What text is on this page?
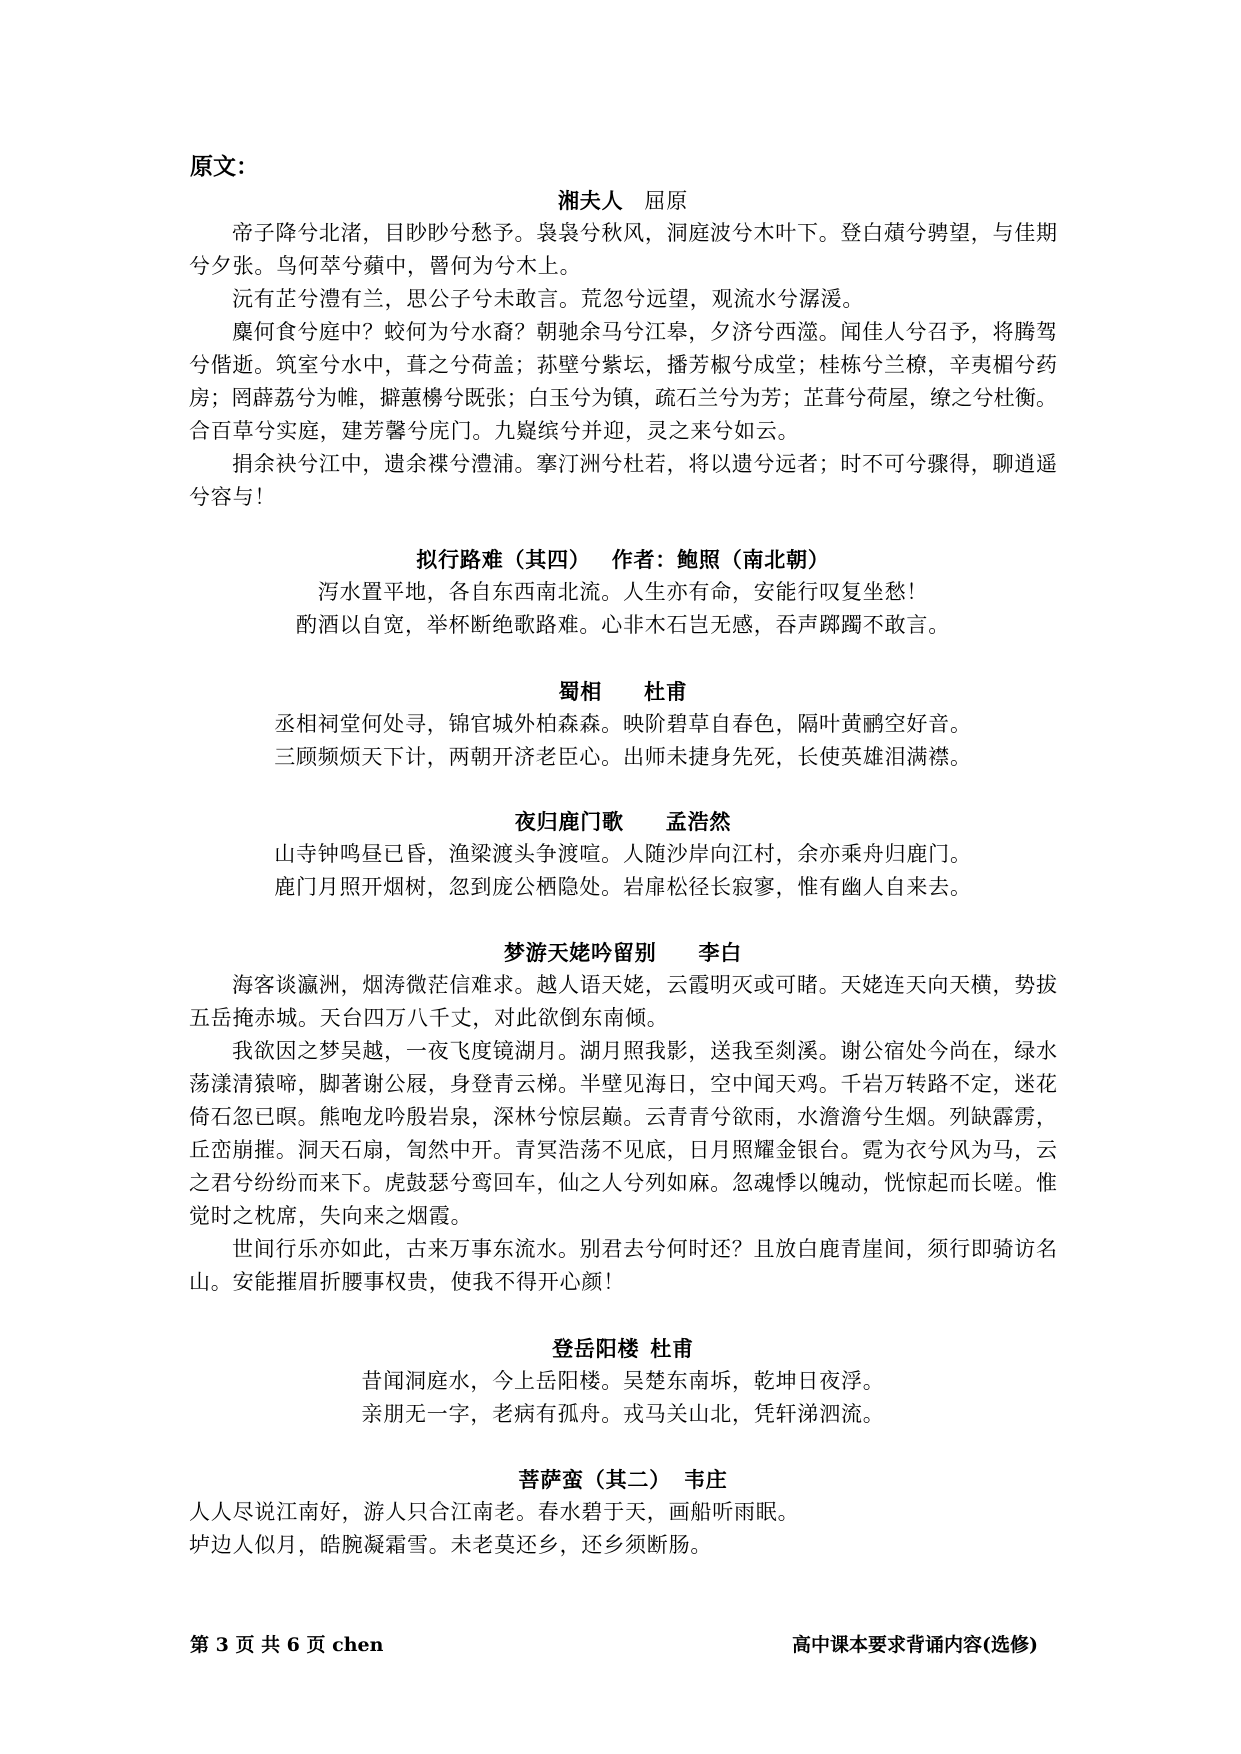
原文：
湘夫人 屈原
帝子降兮北渚，目眇眇兮愁予。袅袅兮秋风，洞庭波兮木叶下。登白薠兮骋望，与佳期
兮夕张。鸟何萃兮蘋中，罾何为兮木上。
沅有芷兮澧有兰，思公子兮未敢言。荒忽兮远望，观流水兮潺湲。
麋何食兮庭中？蛟何为兮水裔？朝驰余马兮江皋，夕济兮西澨。闻佳人兮召予，将腾驾
兮偕逝。筑室兮水中，葺之兮荷盖；荪壁兮紫坛，播芳椒兮成堂；桂栋兮兰橑，辛夷楣兮药
房；罔薜荔兮为帷，擗蕙櫋兮既张；白玉兮为镇，疏石兰兮为芳；芷葺兮荷屋，缭之兮杜衡。
合百草兮实庭，建芳馨兮庑门。九嶷缤兮并迎，灵之来兮如云。
捐余袂兮江中，遗余褋兮澧浦。搴汀洲兮杜若，将以遗兮远者；时不可兮骤得，聊逍遥
兮容与！
拟行路难（其四） 作者：鲍照（南北朝）
泻水置平地，各自东西南北流。人生亦有命，安能行叹复坐愁！
酌酒以自宽，举杯断绝歌路难。心非木石岂无感，吞声踯躅不敢言。
蜀相 杜甫
丞相祠堂何处寻，锦官城外柏森森。映阶碧草自春色，隔叶黄鹂空好音。
三顾频烦天下计，两朝开济老臣心。出师未捷身先死，长使英雄泪满襟。
夜归鹿门歌 孟浩然
山寺钟鸣昼已昏，渔梁渡头争渡喧。人随沙岸向江村，余亦乘舟归鹿门。
鹿门月照开烟树，忽到庞公栖隐处。岩扉松径长寂寥，惟有幽人自来去。
梦游天姥吟留别 李白
海客谈瀛洲，烟涛微茫信难求。越人语天姥，云霞明灭或可睹。天姥连天向天横，势拔
五岳掩赤城。天台四万八千丈，对此欲倒东南倾。
我欲因之梦吴越，一夜飞度镜湖月。湖月照我影，送我至剡溪。谢公宿处今尚在，绿水
荡漾清猿啼，脚著谢公屐，身登青云梯。半壁见海日，空中闻天鸡。千岩万转路不定，迷花
倚石忽已暝。熊咆龙吟殷岩泉，深林兮惊层巅。云青青兮欲雨，水澹澹兮生烟。列缺霹雳，
丘峦崩摧。洞天石扇，訇然中开。青冥浩荡不见底，日月照耀金银台。霓为衣兮风为马，云
之君兮纷纷而来下。虎鼓瑟兮鸾回车，仙之人兮列如麻。忽魂悸以魄动，恍惊起而长嗟。惟
觉时之枕席，失向来之烟霞。
世间行乐亦如此，古来万事东流水。别君去兮何时还？且放白鹿青崖间，须行即骑访名
山。安能摧眉折腰事权贵，使我不得开心颜！
登岳阳楼 杜甫
昔闻洞庭水，今上岳阳楼。吴楚东南坼，乾坤日夜浮。
亲朋无一字，老病有孤舟。戎马关山北，凭轩涕泗流。
菩萨蛮（其二） 韦庄
人人尽说江南好，游人只合江南老。春水碧于天，画船听雨眠。
垆边人似月，皓腕凝霜雪。未老莫还乡，还乡须断肠。
第 3 页 共 6 页 chen	高中课本要求背诵内容(选修)
